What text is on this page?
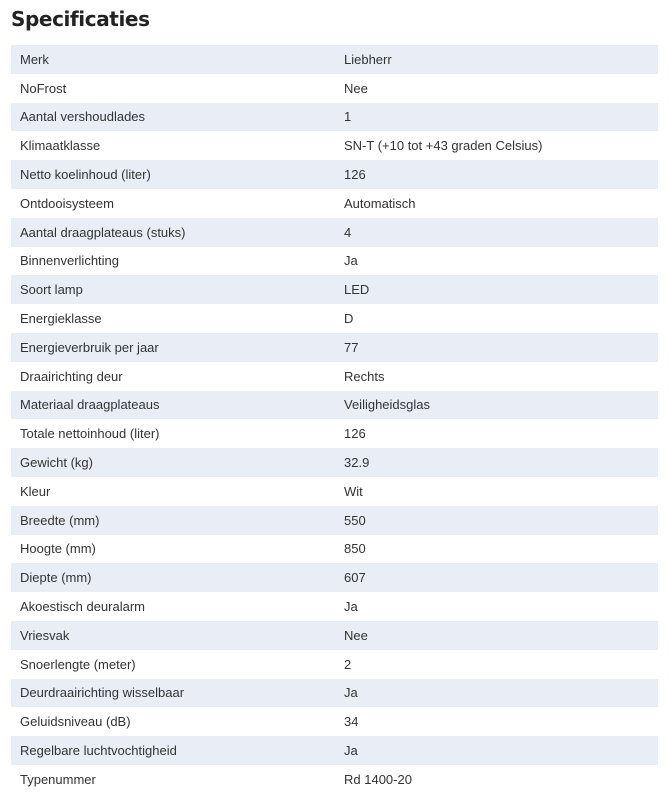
Specificaties
Merk	Liebherr
NoFrost	Nee
Aantal vershoudlades	1
Klimaatklasse	SN-T (+10 tot +43 graden Celsius)
Netto koelinhoud (liter)	126
Ontdooisysteem	Automatisch
Aantal draagplateaus (stuks)	4
Binnenverlichting	Ja
Soort lamp	LED
Energieklasse	D
Energieverbruik per jaar	77
Draairichting deur	Rechts
Materiaal draagplateaus	Veiligheidsglas
Totale nettoinhoud (liter)	126
Gewicht (kg)	32.9
Kleur	Wit
Breedte (mm)	550
Hoogte (mm)	850
Diepte (mm)	607
Akoestisch deuralarm	Ja
Vriesvak	Nee
Snoerlengte (meter)	2
Deurdraairichting wisselbaar	Ja
Geluidsniveau (dB)	34
Regelbare luchtvochtigheid	Ja
Typenummer	Rd 1400-20
